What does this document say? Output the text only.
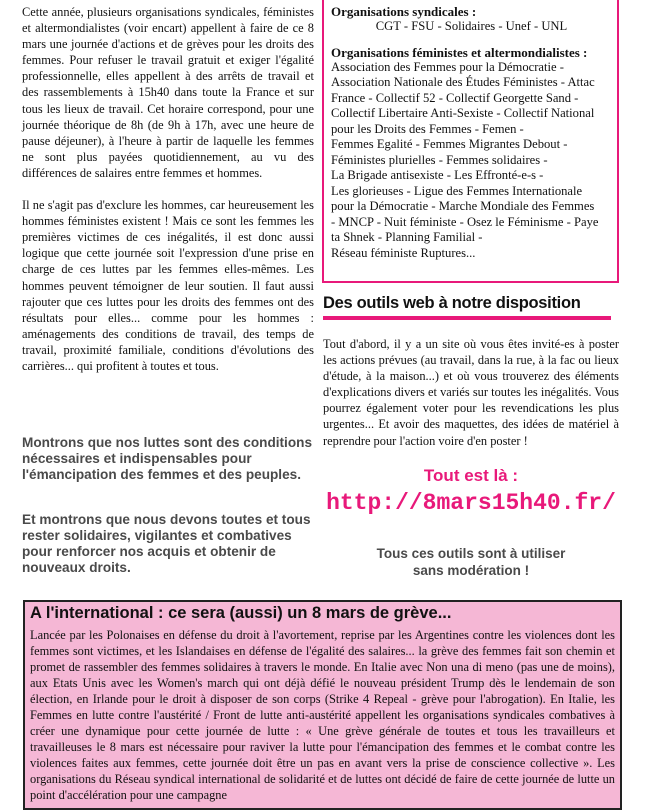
Cette année, plusieurs organisations syndicales, féministes et altermondialistes (voir encart) appellent à faire de ce 8 mars une journée d'actions et de grèves pour les droits des femmes. Pour refuser le travail gratuit et exiger l'égalité professionnelle, elles appellent à des arrêts de travail et des rassemblements à 15h40 dans toute la France et sur tous les lieux de travail. Cet horaire correspond, pour une journée théorique de 8h (de 9h à 17h, avec une heure de pause déjeuner), à l'heure à partir de laquelle les femmes ne sont plus payées quotidiennement, au vu des différences de salaires entre femmes et hommes.

Il ne s'agit pas d'exclure les hommes, car heureusement les hommes féministes existent ! Mais ce sont les femmes les premières victimes de ces inégalités, il est donc aussi logique que cette journée soit l'expression d'une prise en charge de ces luttes par les femmes elles-mêmes. Les hommes peuvent témoigner de leur soutien. Il faut aussi rajouter que ces luttes pour les droits des femmes ont des résultats pour elles... comme pour les hommes : aménagements des conditions de travail, des temps de travail, proximité familiale, conditions d'évolutions des carrières... qui profitent à toutes et tous.

Montrons que nos luttes sont des conditions nécessaires et indispensables pour l'émancipation des femmes et des peuples.

Et montrons que nous devons toutes et tous rester solidaires, vigilantes et combatives pour renforcer nos acquis et obtenir de nouveaux droits.

Organisations syndicales :
CGT - FSU - Solidaires - Unef - UNL
Organisations féministes et altermondialistes :
Association des Femmes pour la Démocratie -
Association Nationale des Études Féministes - Attac
France - Collectif 52 - Collectif Georgette Sand -
Collectif Libertaire Anti-Sexiste - Collectif National
pour les Droits des Femmes - Femen -
Femmes Egalité - Femmes Migrantes Debout -
Féministes plurielles - Femmes solidaires -
La Brigade antisexiste - Les Effronté-e-s -
Les glorieuses - Ligue des Femmes Internationale
pour la Démocratie - Marche Mondiale des Femmes
- MNCP - Nuit féministe - Osez le Féminisme - Paye
ta Shnek - Planning Familial -
Réseau féministe Ruptures...
Des outils web à notre disposition

Tout d'abord, il y a un site où vous êtes invité-es à poster les actions prévues (au travail, dans la rue, à la fac ou lieux d'étude, à la maison...) et où vous trouverez des éléments d'explications divers et variés sur toutes les inégalités. Vous pourrez également voter pour les revendications les plus urgentes... Et avoir des maquettes, des idées de matériel à reprendre pour l'action voire d'en poster !

Tout est là :
http://8mars15h40.fr/
Tous ces outils sont à utiliser
sans modération !
A l'international : ce sera (aussi) un 8 mars de grève...

Lancée par les Polonaises en défense du droit à l'avortement, reprise par les Argentines contre les violences dont les femmes sont victimes, et les Islandaises en défense de l'égalité des salaires... la grève des femmes fait son chemin et promet de rassembler des femmes solidaires à travers le monde. En Italie avec Non una di meno (pas une de moins), aux Etats Unis avec les Women's march qui ont déjà défié le nouveau président Trump dès le lendemain de son élection, en Irlande pour le droit à disposer de son corps (Strike 4 Repeal - grève pour l'abrogation). En Italie, les Femmes en lutte contre l'austérité / Front de lutte anti-austérité appellent les organisations syndicales combatives à créer une dynamique pour cette journée de lutte : « Une grève générale de toutes et tous les travailleurs et travailleuses le 8 mars est nécessaire pour raviver la lutte pour l'émancipation des femmes et le combat contre les violences faites aux femmes, cette journée doit être un pas en avant vers la prise de conscience collective ». Les organisations du Réseau syndical international de solidarité et de luttes ont décidé de faire de cette journée de lutte un point d'accélération pour une campagne
